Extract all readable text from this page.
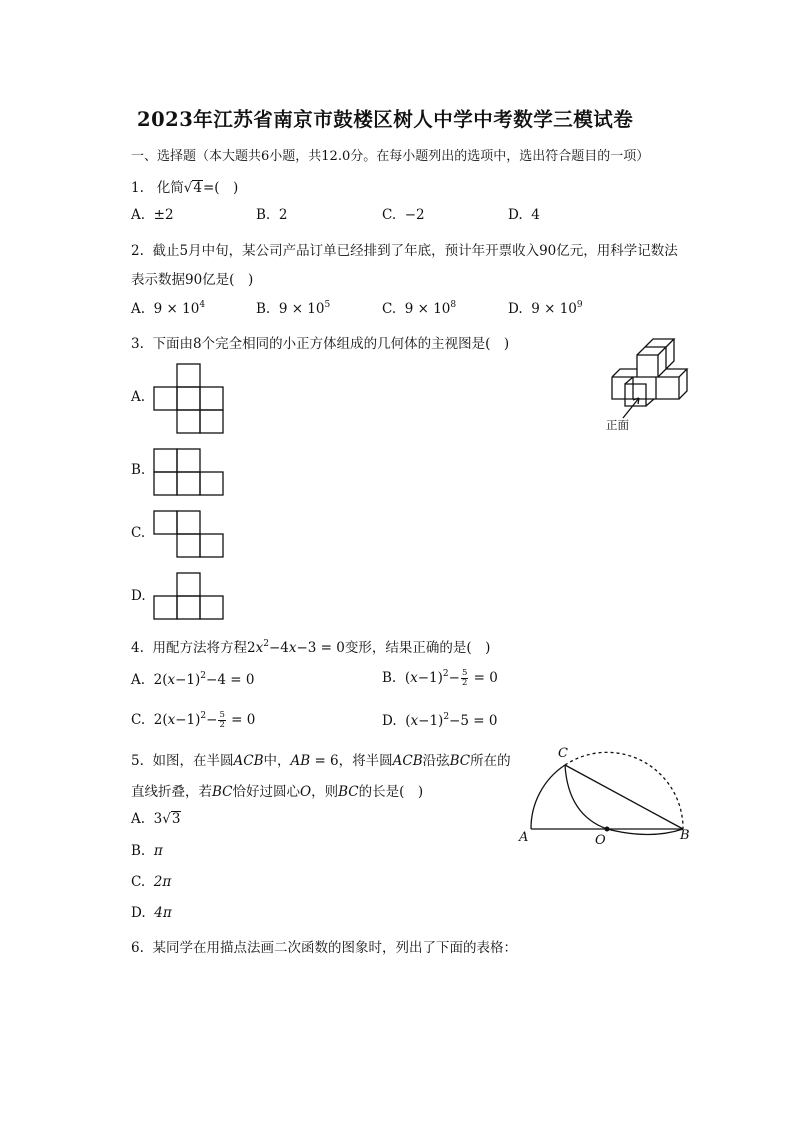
2023年江苏省南京市鼓楼区树人中学中考数学三模试卷
一、选择题（本大题共6小题，共12.0分。在每小题列出的选项中，选出符合题目的一项）
1. 化简√4=( )
A. ±2	B. 2	C. −2	D. 4
2. 截止5月中旬，某公司产品订单已经排到了年底，预计年开票收入90亿元，用科学记数法
表示数据90亿是( )
A. $9 \times 10^4$	B. $9 \times 10^5$	C. $9 \times 10^8$	D. $9 \times 10^9$
3. 下面由8个完全相同的小正方体组成的几何体的主视图是( )
A.
B.
C.
D.
正面
4. 用配方法将方程$2x^2-4x-3 = 0$变形，结果正确的是( )
A. $2(x-1)^2-4 = 0$	B. $(x-1)^2- \frac{5}{2} = 0$
C. $2(x-1)^2- \frac{5}{2} = 0$	D. $(x-1)^2-5 = 0$
5. 如图，在半圆ACB中，AB = 6，将半圆ACB沿弦BC所在的
直线折叠，若BC恰好过圆心O，则BC的长是( )
A. 3√3
B. π
C. 2π
D. 4π
C
A	O	B
6. 某同学在用描点法画二次函数的图象时，列出了下面的表格：
